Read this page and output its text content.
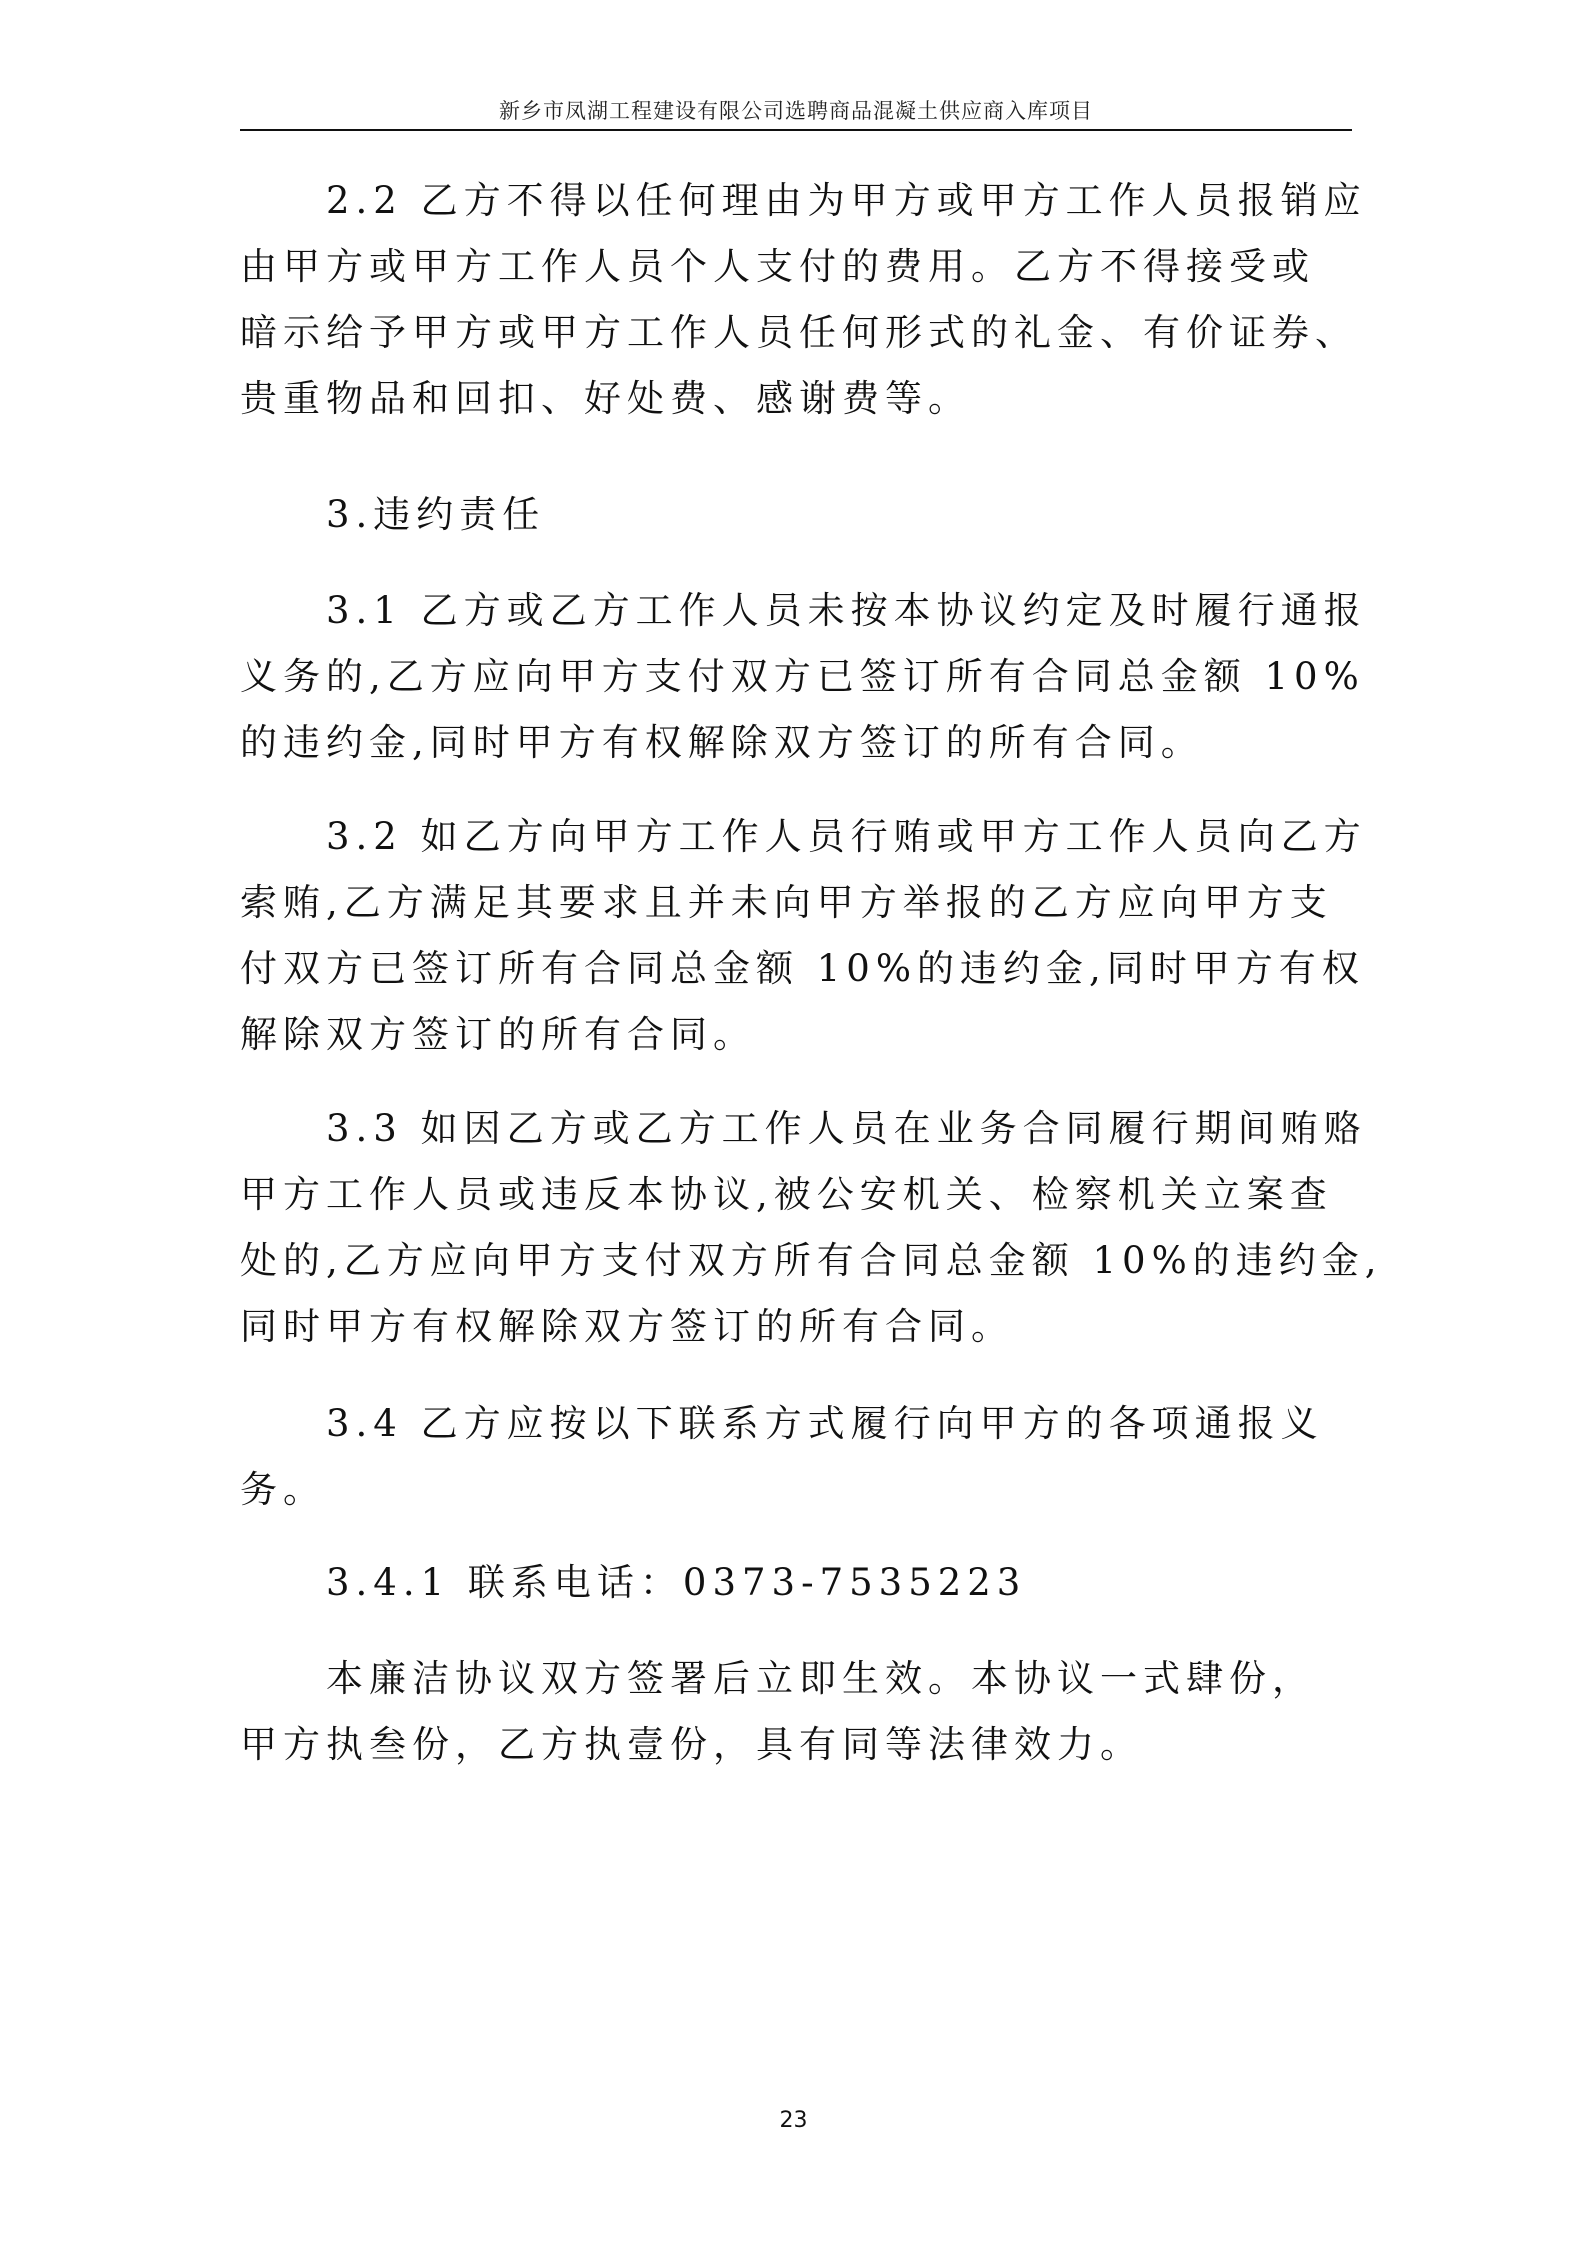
新乡市凤湖工程建设有限公司选聘商品混凝土供应商入库项目
2.2 乙方不得以任何理由为甲方或甲方工作人员报销应
由甲方或甲方工作人员个人支付的费用。乙方不得接受或
暗示给予甲方或甲方工作人员任何形式的礼金、有价证券、
贵重物品和回扣、好处费、感谢费等。
3.违约责任
3.1 乙方或乙方工作人员未按本协议约定及时履行通报
义务的,乙方应向甲方支付双方已签订所有合同总金额 10%
的违约金,同时甲方有权解除双方签订的所有合同。
3.2 如乙方向甲方工作人员行贿或甲方工作人员向乙方
索贿,乙方满足其要求且并未向甲方举报的乙方应向甲方支
付双方已签订所有合同总金额 10%的违约金,同时甲方有权
解除双方签订的所有合同。
3.3 如因乙方或乙方工作人员在业务合同履行期间贿赂
甲方工作人员或违反本协议,被公安机关、检察机关立案查
处的,乙方应向甲方支付双方所有合同总金额 10%的违约金,
同时甲方有权解除双方签订的所有合同。
3.4 乙方应按以下联系方式履行向甲方的各项通报义
务。
3.4.1 联系电话：0373-7535223
本廉洁协议双方签署后立即生效。本协议一式肆份，
甲方执叁份，乙方执壹份，具有同等法律效力。
23
